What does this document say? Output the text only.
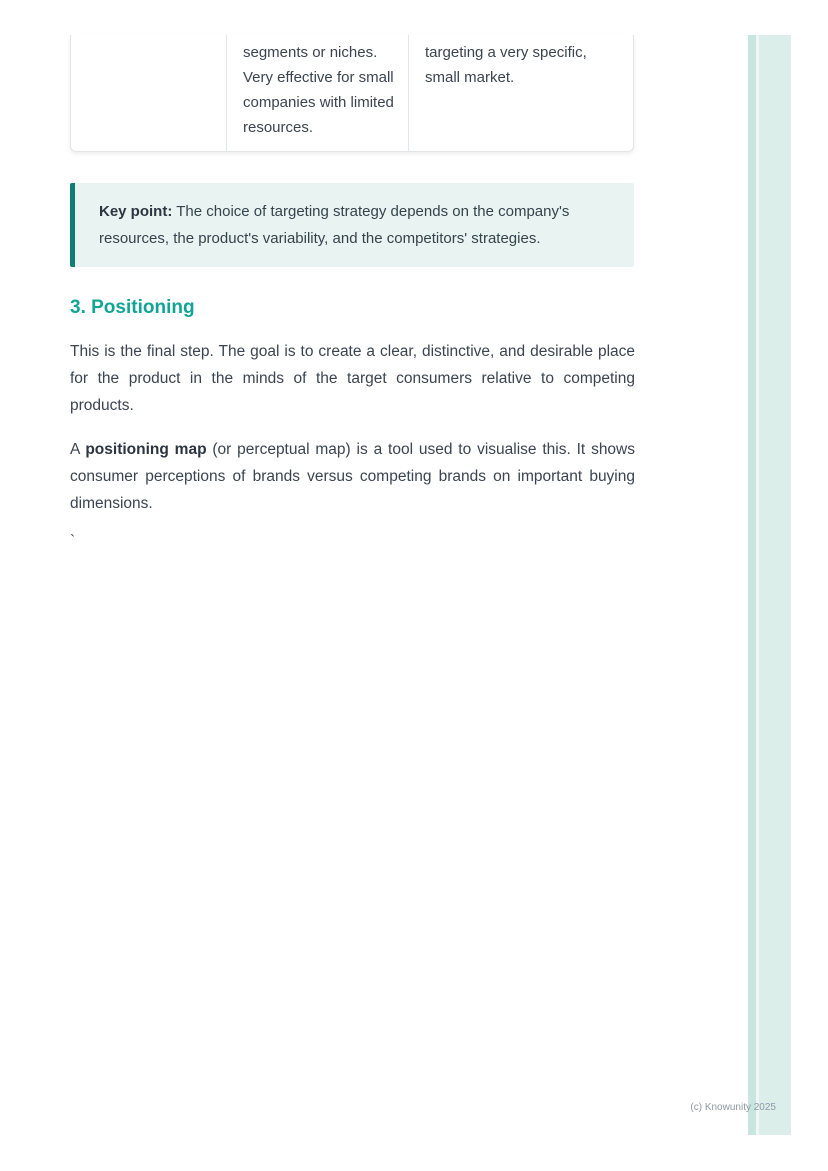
segments or niches. Very effective for small companies with limited resources.
targeting a very specific, small market.

Key point: The choice of targeting strategy depends on the company's resources, the product's variability, and the competitors' strategies.

3. Positioning

This is the final step. The goal is to create a clear, distinctive, and desirable place for the product in the minds of the target consumers relative to competing products.

A positioning map (or perceptual map) is a tool used to visualise this. It shows consumer perceptions of brands versus competing brands on important buying dimensions.

`

(c) Knowunity 2025
